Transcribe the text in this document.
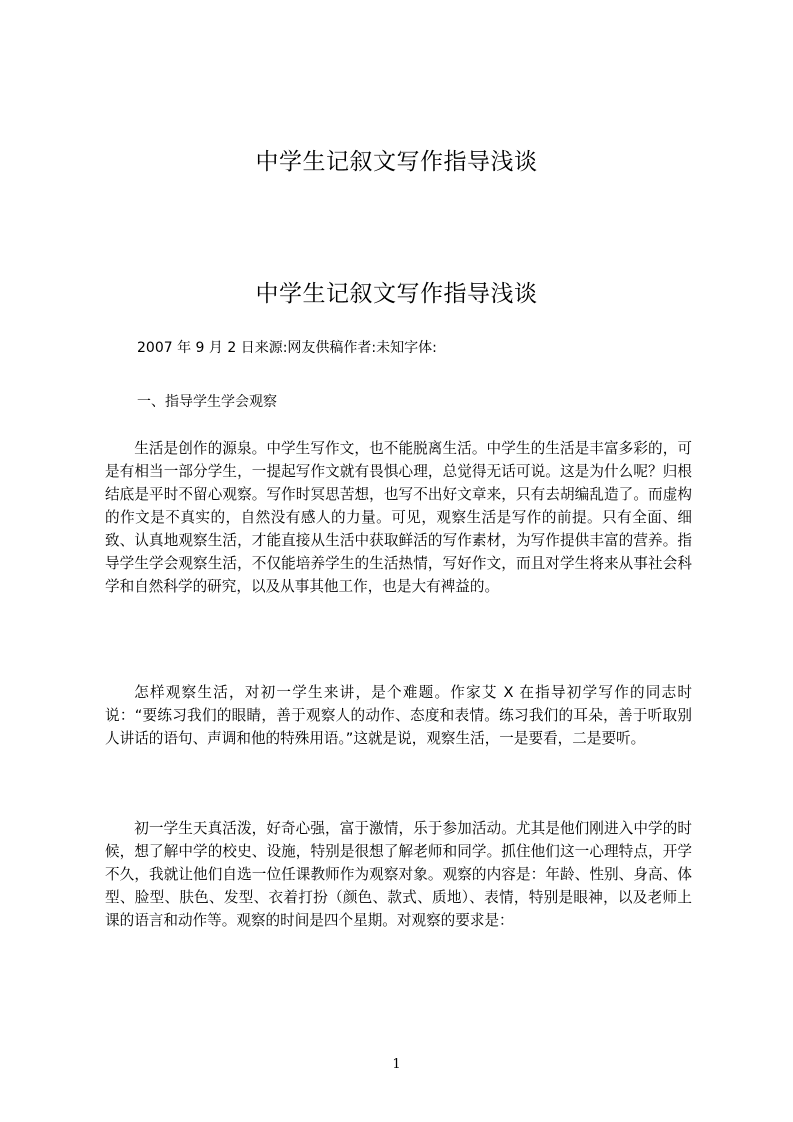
中学生记叙文写作指导浅谈
中学生记叙文写作指导浅谈

2007 年 9 月 2 日来源:网友供稿作者:未知字体:

一、指导学生学会观察

生活是创作的源泉。中学生写作文，也不能脱离生活。中学生的生活是丰富多彩的，可是有相当一部分学生，一提起写作文就有畏惧心理，总觉得无话可说。这是为什么呢？归根结底是平时不留心观察。写作时冥思苦想，也写不出好文章来，只有去胡编乱造了。而虚构的作文是不真实的，自然没有感人的力量。可见，观察生活是写作的前提。只有全面、细致、认真地观察生活，才能直接从生活中获取鲜活的写作素材，为写作提供丰富的营养。指导学生学会观察生活，不仅能培养学生的生活热情，写好作文，而且对学生将来从事社会科学和自然科学的研究，以及从事其他工作，也是大有裨益的。

怎样观察生活，对初一学生来讲，是个难题。作家艾 X 在指导初学写作的同志时说：“要练习我们的眼睛，善于观察人的动作、态度和表情。练习我们的耳朵，善于听取别人讲话的语句、声调和他的特殊用语。”这就是说，观察生活，一是要看，二是要听。

初一学生天真活泼，好奇心强，富于激情，乐于参加活动。尤其是他们刚进入中学的时候，想了解中学的校史、设施，特别是很想了解老师和同学。抓住他们这一心理特点，开学不久，我就让他们自选一位任课教师作为观察对象。观察的内容是：年龄、性别、身高、体型、脸型、肤色、发型、衣着打扮（颜色、款式、质地）、表情，特别是眼神，以及老师上课的语言和动作等。观察的时间是四个星期。对观察的要求是：

1
